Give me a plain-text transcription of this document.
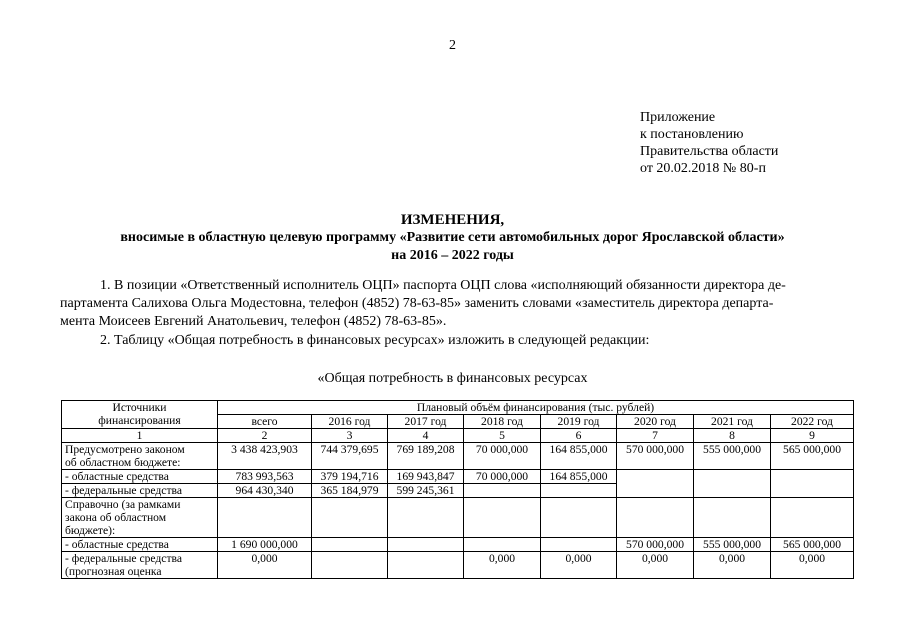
2
Приложение
к постановлению
Правительства области
от 20.02.2018 № 80-п
ИЗМЕНЕНИЯ,
вносимые в областную целевую программу «Развитие сети автомобильных дорог Ярославской области»
на 2016 – 2022 годы
1. В позиции «Ответственный исполнитель ОЦП» паспорта ОЦП слова «исполняющий обязанности директора де-
партамента Салихова Ольга Модестовна, телефон (4852) 78-63-85» заменить словами «заместитель директора департа-
мента Моисеев Евгений Анатольевич, телефон (4852) 78-63-85».
2. Таблицу «Общая потребность в финансовых ресурсах» изложить в следующей редакции:
«Общая потребность в финансовых ресурсах
Источники
финансирования	Плановый объём финансирования (тыс. рублей)							
	всего	2016 год	2017 год	2018 год	2019 год	2020 год	2021 год	2022 год
1	2	3	4	5	6	7	8	9

Предусмотрено законом
об областном бюджете:	3 438 423,903	744 379,695	769 189,208	70 000,000	164 855,000	570 000,000	555 000,000	565 000,000
- областные средства	783 993,563	379 194,716	169 943,847	70 000,000	164 855,000			
- федеральные средства	964 430,340	365 184,979	599 245,361					

Справочно (за рамками
закона об областном
бюджете):								

- областные средства	1 690 000,000					570 000,000	555 000,000	565 000,000

- федеральные средства
(прогнозная оценка	0,000			0,000	0,000	0,000	0,000	0,000
